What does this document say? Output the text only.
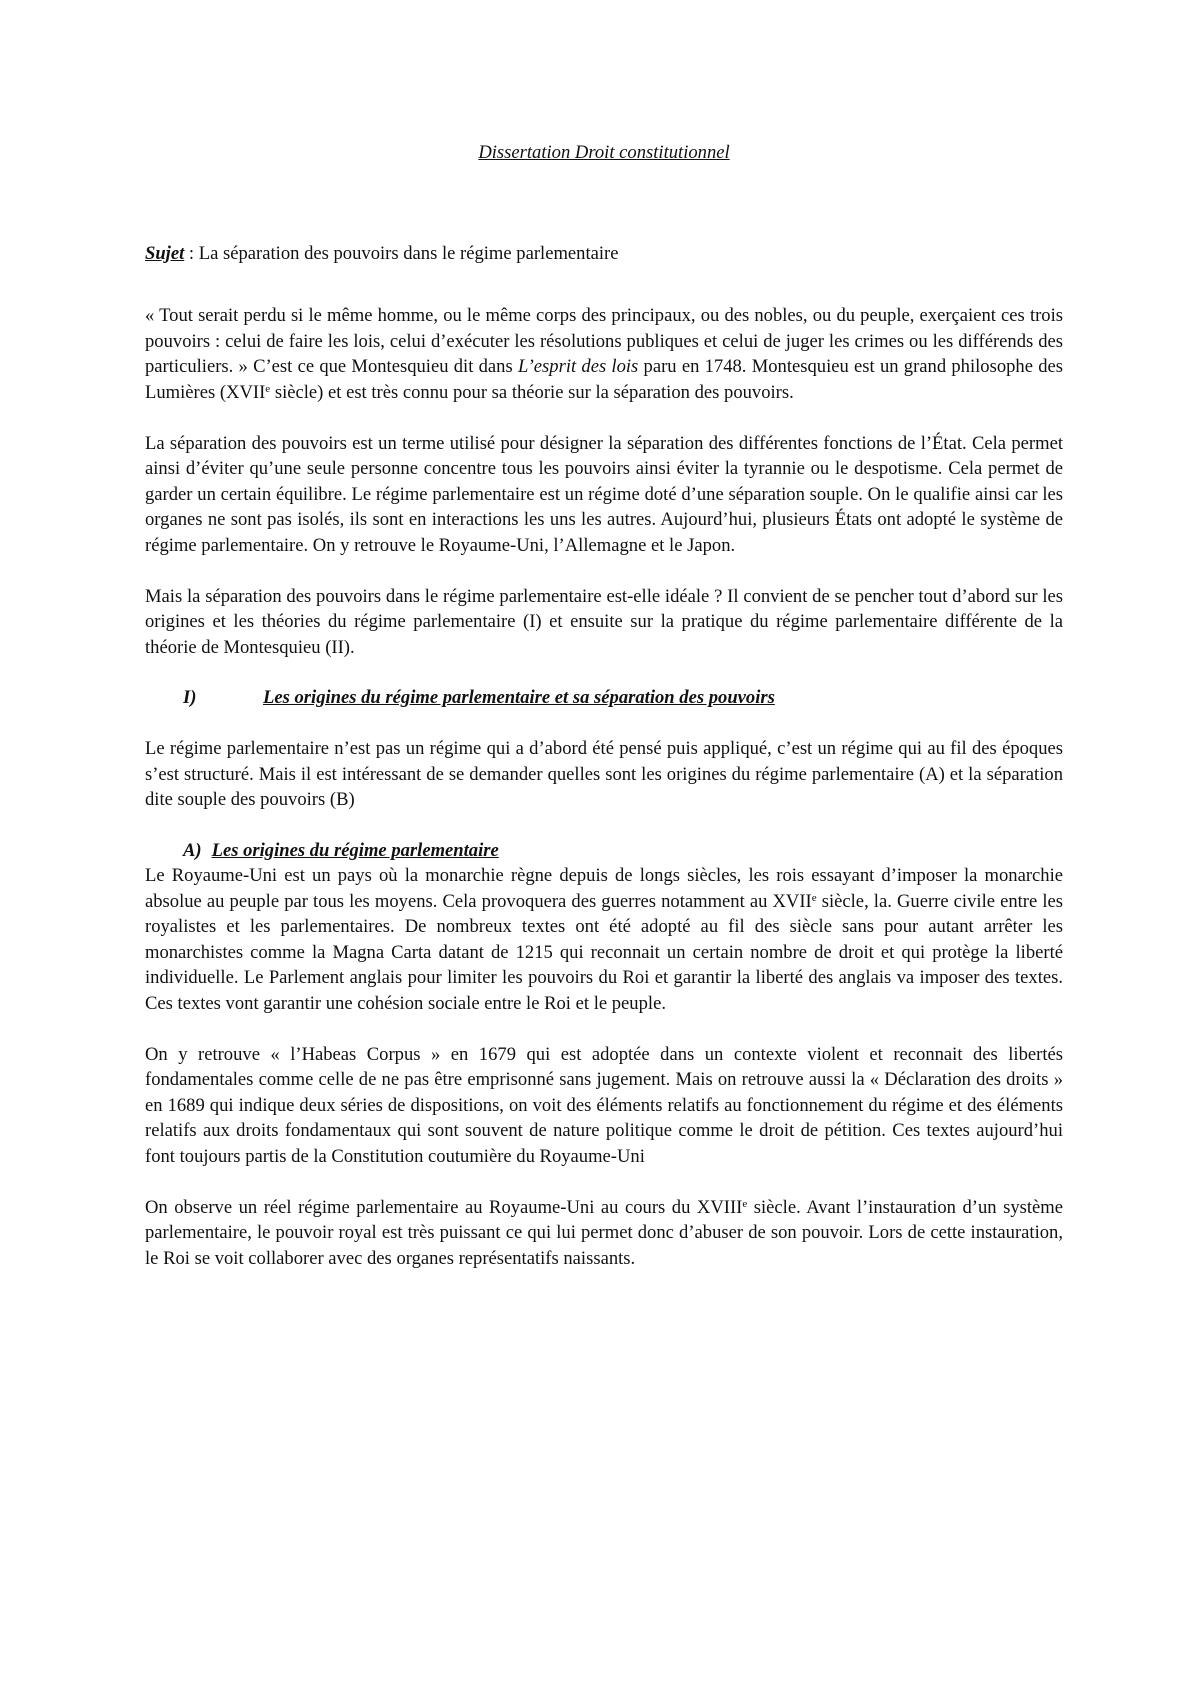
Dissertation Droit constitutionnel

Sujet : La séparation des pouvoirs dans le régime parlementaire

« Tout serait perdu si le même homme, ou le même corps des principaux, ou des nobles, ou du peuple, exerçaient ces trois pouvoirs : celui de faire les lois, celui d’exécuter les résolutions publiques et celui de juger les crimes ou les différends des particuliers. » C’est ce que Montesquieu dit dans L’esprit des lois paru en 1748. Montesquieu est un grand philosophe des Lumières (XVIIe siècle) et est très connu pour sa théorie sur la séparation des pouvoirs.

La séparation des pouvoirs est un terme utilisé pour désigner la séparation des différentes fonctions de l’État. Cela permet ainsi d’éviter qu’une seule personne concentre tous les pouvoirs ainsi éviter la tyrannie ou le despotisme. Cela permet de garder un certain équilibre. Le régime parlementaire est un régime doté d’une séparation souple. On le qualifie ainsi car les organes ne sont pas isolés, ils sont en interactions les uns les autres. Aujourd’hui, plusieurs États ont adopté le système de régime parlementaire. On y retrouve le Royaume-Uni, l’Allemagne et le Japon.

Mais la séparation des pouvoirs dans le régime parlementaire est-elle idéale ? Il convient de se pencher tout d’abord sur les origines et les théories du régime parlementaire (I) et ensuite sur la pratique du régime parlementaire différente de la théorie de Montesquieu (II).

I)	Les origines du régime parlementaire et sa séparation des pouvoirs

Le régime parlementaire n’est pas un régime qui a d’abord été pensé puis appliqué, c’est un régime qui au fil des époques s’est structuré. Mais il est intéressant de se demander quelles sont les origines du régime parlementaire (A) et la séparation dite souple des pouvoirs (B)

A) Les origines du régime parlementaire

Le Royaume-Uni est un pays où la monarchie règne depuis de longs siècles, les rois essayant d’imposer la monarchie absolue au peuple par tous les moyens. Cela provoquera des guerres notamment au XVIIe siècle, la. Guerre civile entre les royalistes et les parlementaires. De nombreux textes ont été adopté au fil des siècle sans pour autant arrêter les monarchistes comme la Magna Carta datant de 1215 qui reconnait un certain nombre de droit et qui protège la liberté individuelle. Le Parlement anglais pour limiter les pouvoirs du Roi et garantir la liberté des anglais va imposer des textes. Ces textes vont garantir une cohésion sociale entre le Roi et le peuple.

On y retrouve « l’Habeas Corpus » en 1679 qui est adoptée dans un contexte violent et reconnait des libertés fondamentales comme celle de ne pas être emprisonné sans jugement. Mais on retrouve aussi la « Déclaration des droits » en 1689 qui indique deux séries de dispositions, on voit des éléments relatifs au fonctionnement du régime et des éléments relatifs aux droits fondamentaux qui sont souvent de nature politique comme le droit de pétition. Ces textes aujourd’hui font toujours partis de la Constitution coutumière du Royaume-Uni

On observe un réel régime parlementaire au Royaume-Uni au cours du XVIIIe siècle. Avant l’instauration d’un système parlementaire, le pouvoir royal est très puissant ce qui lui permet donc d’abuser de son pouvoir. Lors de cette instauration, le Roi se voit collaborer avec des organes représentatifs naissants.
